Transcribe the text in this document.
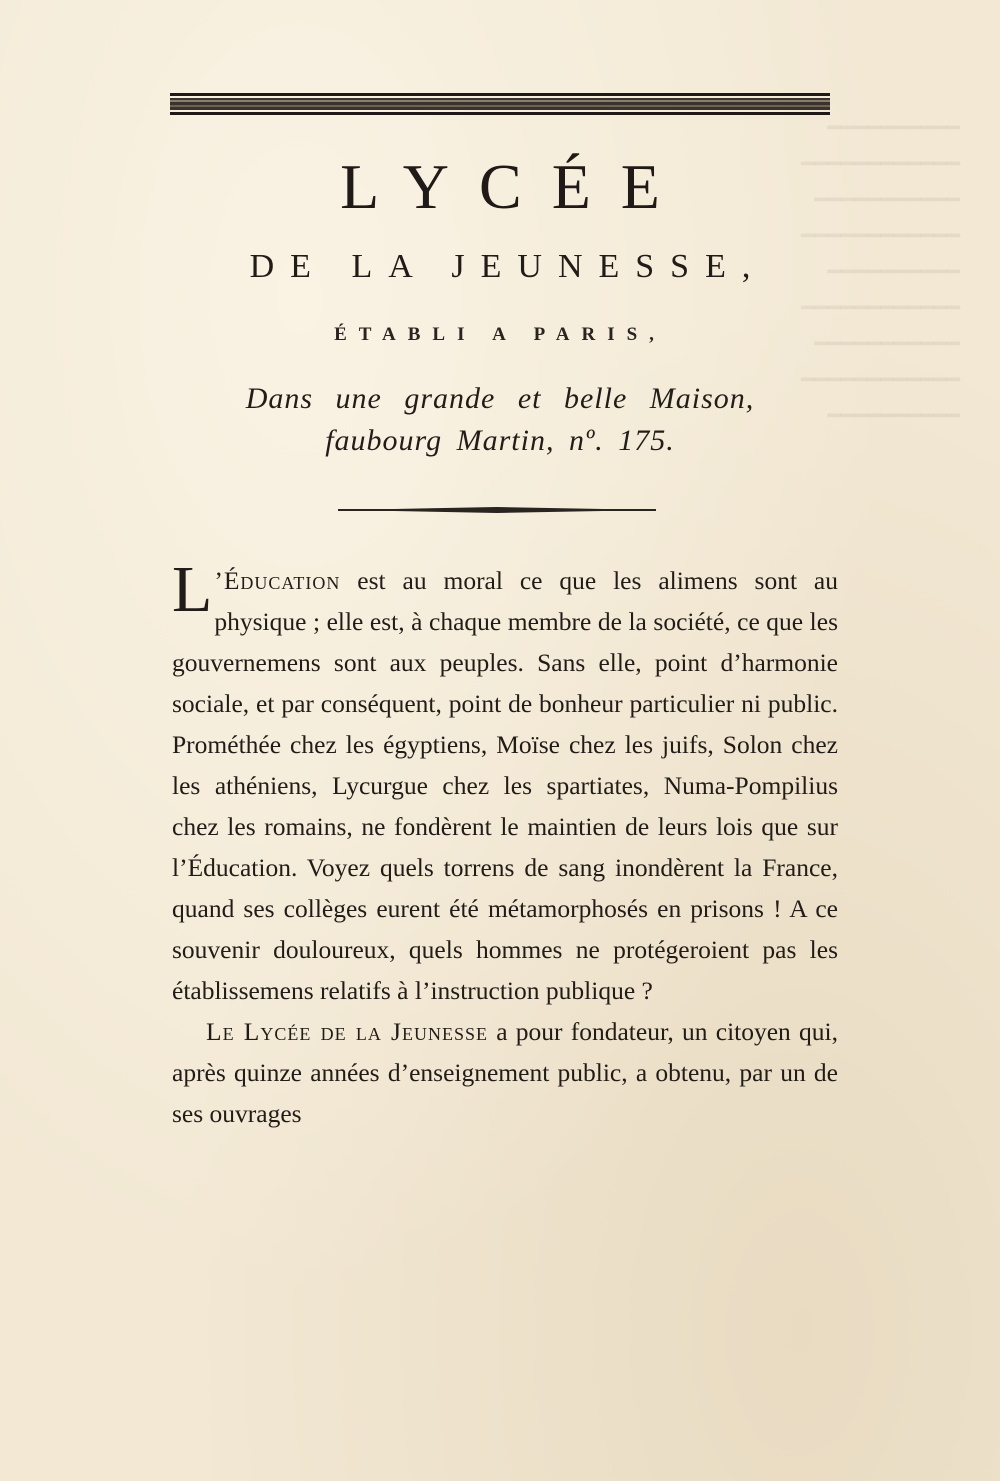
━━━━━━━━━━
━━━━━━━━━━━━
━━━━━━━━━━━
━━━━━━━━━━━━
━━━━━━━━━━
━━━━━━━━━━━━
━━━━━━━━━━━
━━━━━━━━━━━━
━━━━━━━━━━
LYCÉE
DE LA JEUNESSE,
ÉTABLI A PARIS,
Dans une grande et belle Maison,
faubourg Martin, nº. 175.

L ’Éducation est au moral ce que les alimens sont au physique ; elle est, à chaque membre de la société, ce que les gouvernemens sont aux peuples. Sans elle, point d’harmonie sociale, et par conséquent, point de bonheur particulier ni public. Prométhée chez les égyptiens, Moïse chez les juifs, Solon chez les athéniens, Lycurgue chez les spartiates, Numa-Pompilius chez les romains, ne fondèrent le maintien de leurs lois que sur l’Éducation. Voyez quels torrens de sang inondèrent la France, quand ses collèges eurent été métamorphosés en prisons ! A ce souvenir douloureux, quels hommes ne protégeroient pas les établissemens relatifs à l’instruction publique ?

Le Lycée de la Jeunesse a pour fondateur, un citoyen qui, après quinze années d’enseignement public, a obtenu, par un de ses ouvrages
